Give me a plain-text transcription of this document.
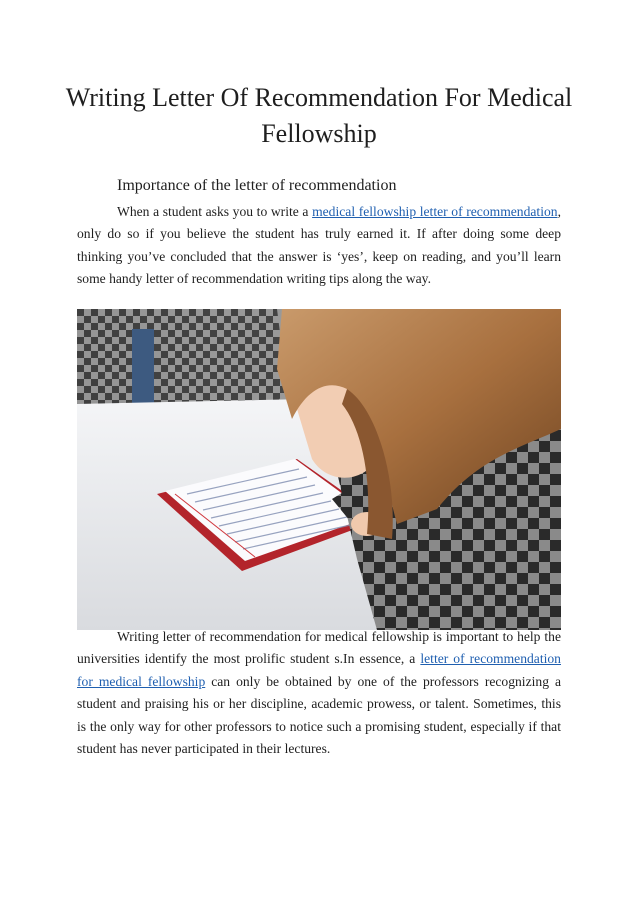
Writing Letter Of Recommendation For Medical Fellowship

Importance of the letter of recommendation

When a student asks you to write a medical fellowship letter of recommendation, only do so if you believe the student has truly earned it. If after doing some deep thinking you’ve concluded that the answer is ‘yes’, keep on reading, and you’ll learn some handy letter of recommendation writing tips along the way.

Writing letter of recommendation for medical fellowship is important to help the universities identify the most prolific student s.In essence, a letter of recommendation for medical fellowship can only be obtained by one of the professors recognizing a student and praising his or her discipline, academic prowess, or talent. Sometimes, this is the only way for other professors to notice such a promising student, especially if that student has never participated in their lectures.
